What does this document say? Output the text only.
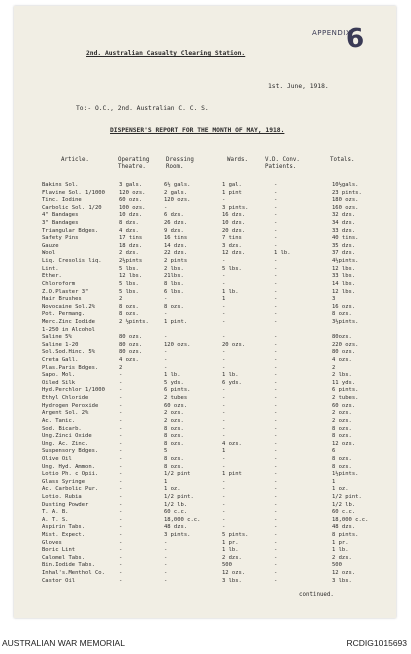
APPENDIX
6
2nd. Australian Casualty Clearing Station.
1st. June, 1918.
To:- O.C., 2nd. Australian C. C. S.
DISPENSER'S REPORT FOR THE MONTH OF MAY, 1918.
Article.	Operating
Theatre.
Dressing
Room.
Wards.	V.D. Conv.
Patients.
Totals.
Bakins Sol.	3 gals.	6½ gals.	1 gal.	-	10½gals.
Flavine Sol. 1/1000	120 ozs.	2 gals.	1 pint	-	23 pints.
Tinc. Iodine	60 ozs.	120 ozs.	-	-	180 ozs.
Carbolic Sol. 1/20	100 ozs.	-	3 pints.	-	160 ozs.
4" Bandages	10 dzs.	6 dzs.	16 dzs.	-	32 dzs.
3" Bandages	8 dzs.	26 dzs.	10 dzs.	-	34 dzs.
Triangular Bdges.	4 dzs.	9 dzs.	20 dzs.	-	33 dzs.
Safety Pins	17 tins	16 tins	7 tins	-	40 tins.
Gauze	18 dzs.	14 dzs.	3 dzs.	-	35 dzs.
Wool	2 dzs.	22 dzs.	12 dzs.	1 lb.	37 dzs.
Liq. Cresolis liq.	2½pints	2 pints	-	-	4½pints.
Lint.	5 lbs.	2 lbs.	5 lbs.	-	12 lbs.
Ether.	12 lbs.	21lbs.	-	-	33 lbs.
Chloroform	5 lbs.	8 lbs.	-	-	14 lbs.
Z.O.Plaster 3"	5 lbs.	6 lbs.	1 lb.	-	12 lbs.
Hair Brushes	2	-	1	-	3
Novocaine Sol.2%	8 ozs.	8 ozs.	-	-	16 ozs.
Pot. Permang.	8 ozs.	-	-	-	8 ozs.
Merc.Zinc Iodide	2 ½pints.	1 pint.	-	-	3½pints.
1-250 in Alcohol
Saline 5%	80 ozs.	-	-	-	80ozs.
Saline 1-20	80 ozs.	120 ozs.	20 ozs.	-	220 ozs.
Sol.Sod.Hinc. 5%	80 ozs.	-	-	-	80 ozs.
Creta Gall.	4 ozs.	-	-	-	4 ozs.
Plas.Paris Bdges.	2	-	-	-	2
Sapo. Mol.	-	1 lb.	1 lb.	-	2 lbs.
Oiled Silk	-	5 yds.	6 yds.	-	11 yds.
Hyd.Perchlor 1/1000	-	6 pints.	-	-	6 pints.
Ethyl Chloride	-	2 tubes	-	-	2 tubes.
Hydrogen Peroxide	-	60 ozs.	-	-	60 ozs.
Argent Sol. 2%	-	2 ozs.	-	-	2 ozs.
Ac. Tanic.	-	2 ozs.	-	-	2 ozs.
Sod. Bicarb.	-	8 ozs.	-	-	8 ozs.
Ung.Zinci Oxide	-	8 ozs.	-	-	8 ozs.
Ung. Ac. Zinc.	-	8 ozs.	4 ozs.	-	12 ozs.
Suspensory Bdges.	-	5	1	-	6
Olive Oil	-	8 ozs.	-	-	8 ozs.
Ung. Hyd. Ammon.	-	8 ozs.	-	-	8 ozs.
Lotio Ph. c Opii.	-	1/2 pint	1 pint	-	1½pints.
Glass Syringe	-	1	-	-	1
Ac. Carbolic Pur.	-	1 oz.	-	-	1 oz.
Lotio. Rubia	-	1/2 pint.	-	-	1/2 pint.
Dusting Powder	-	1/2 lb.	-	-	1/2 lb.
T. A. B.	-	60 c.c.	-	-	60 c.c.
A. T. S.	-	18,000 c.c.	-	-	18,000 c.c.
Aspirin Tabs.	-	48 dzs.	-	-	48 dzs.
Mist. Expect.	-	3 pints.	5 pints.	-	8 pints.
Gloves	-	-	1 pr.	-	1 pr.
Boric Lint	-	-	1 lb.	-	1 lb.
Calomel Tabs.	-	-	2 dzs.	-	2 dzs.
Bin.Iodide Tabs.	-	-	500	-	500
Inhal's.Menthol Co.	-	-	12 ozs.	-	12 ozs.
Castor Oil	-	-	3 lbs.	-	3 lbs.
continued.
AUSTRALIAN WAR MEMORIAL	RCDIG1015693
